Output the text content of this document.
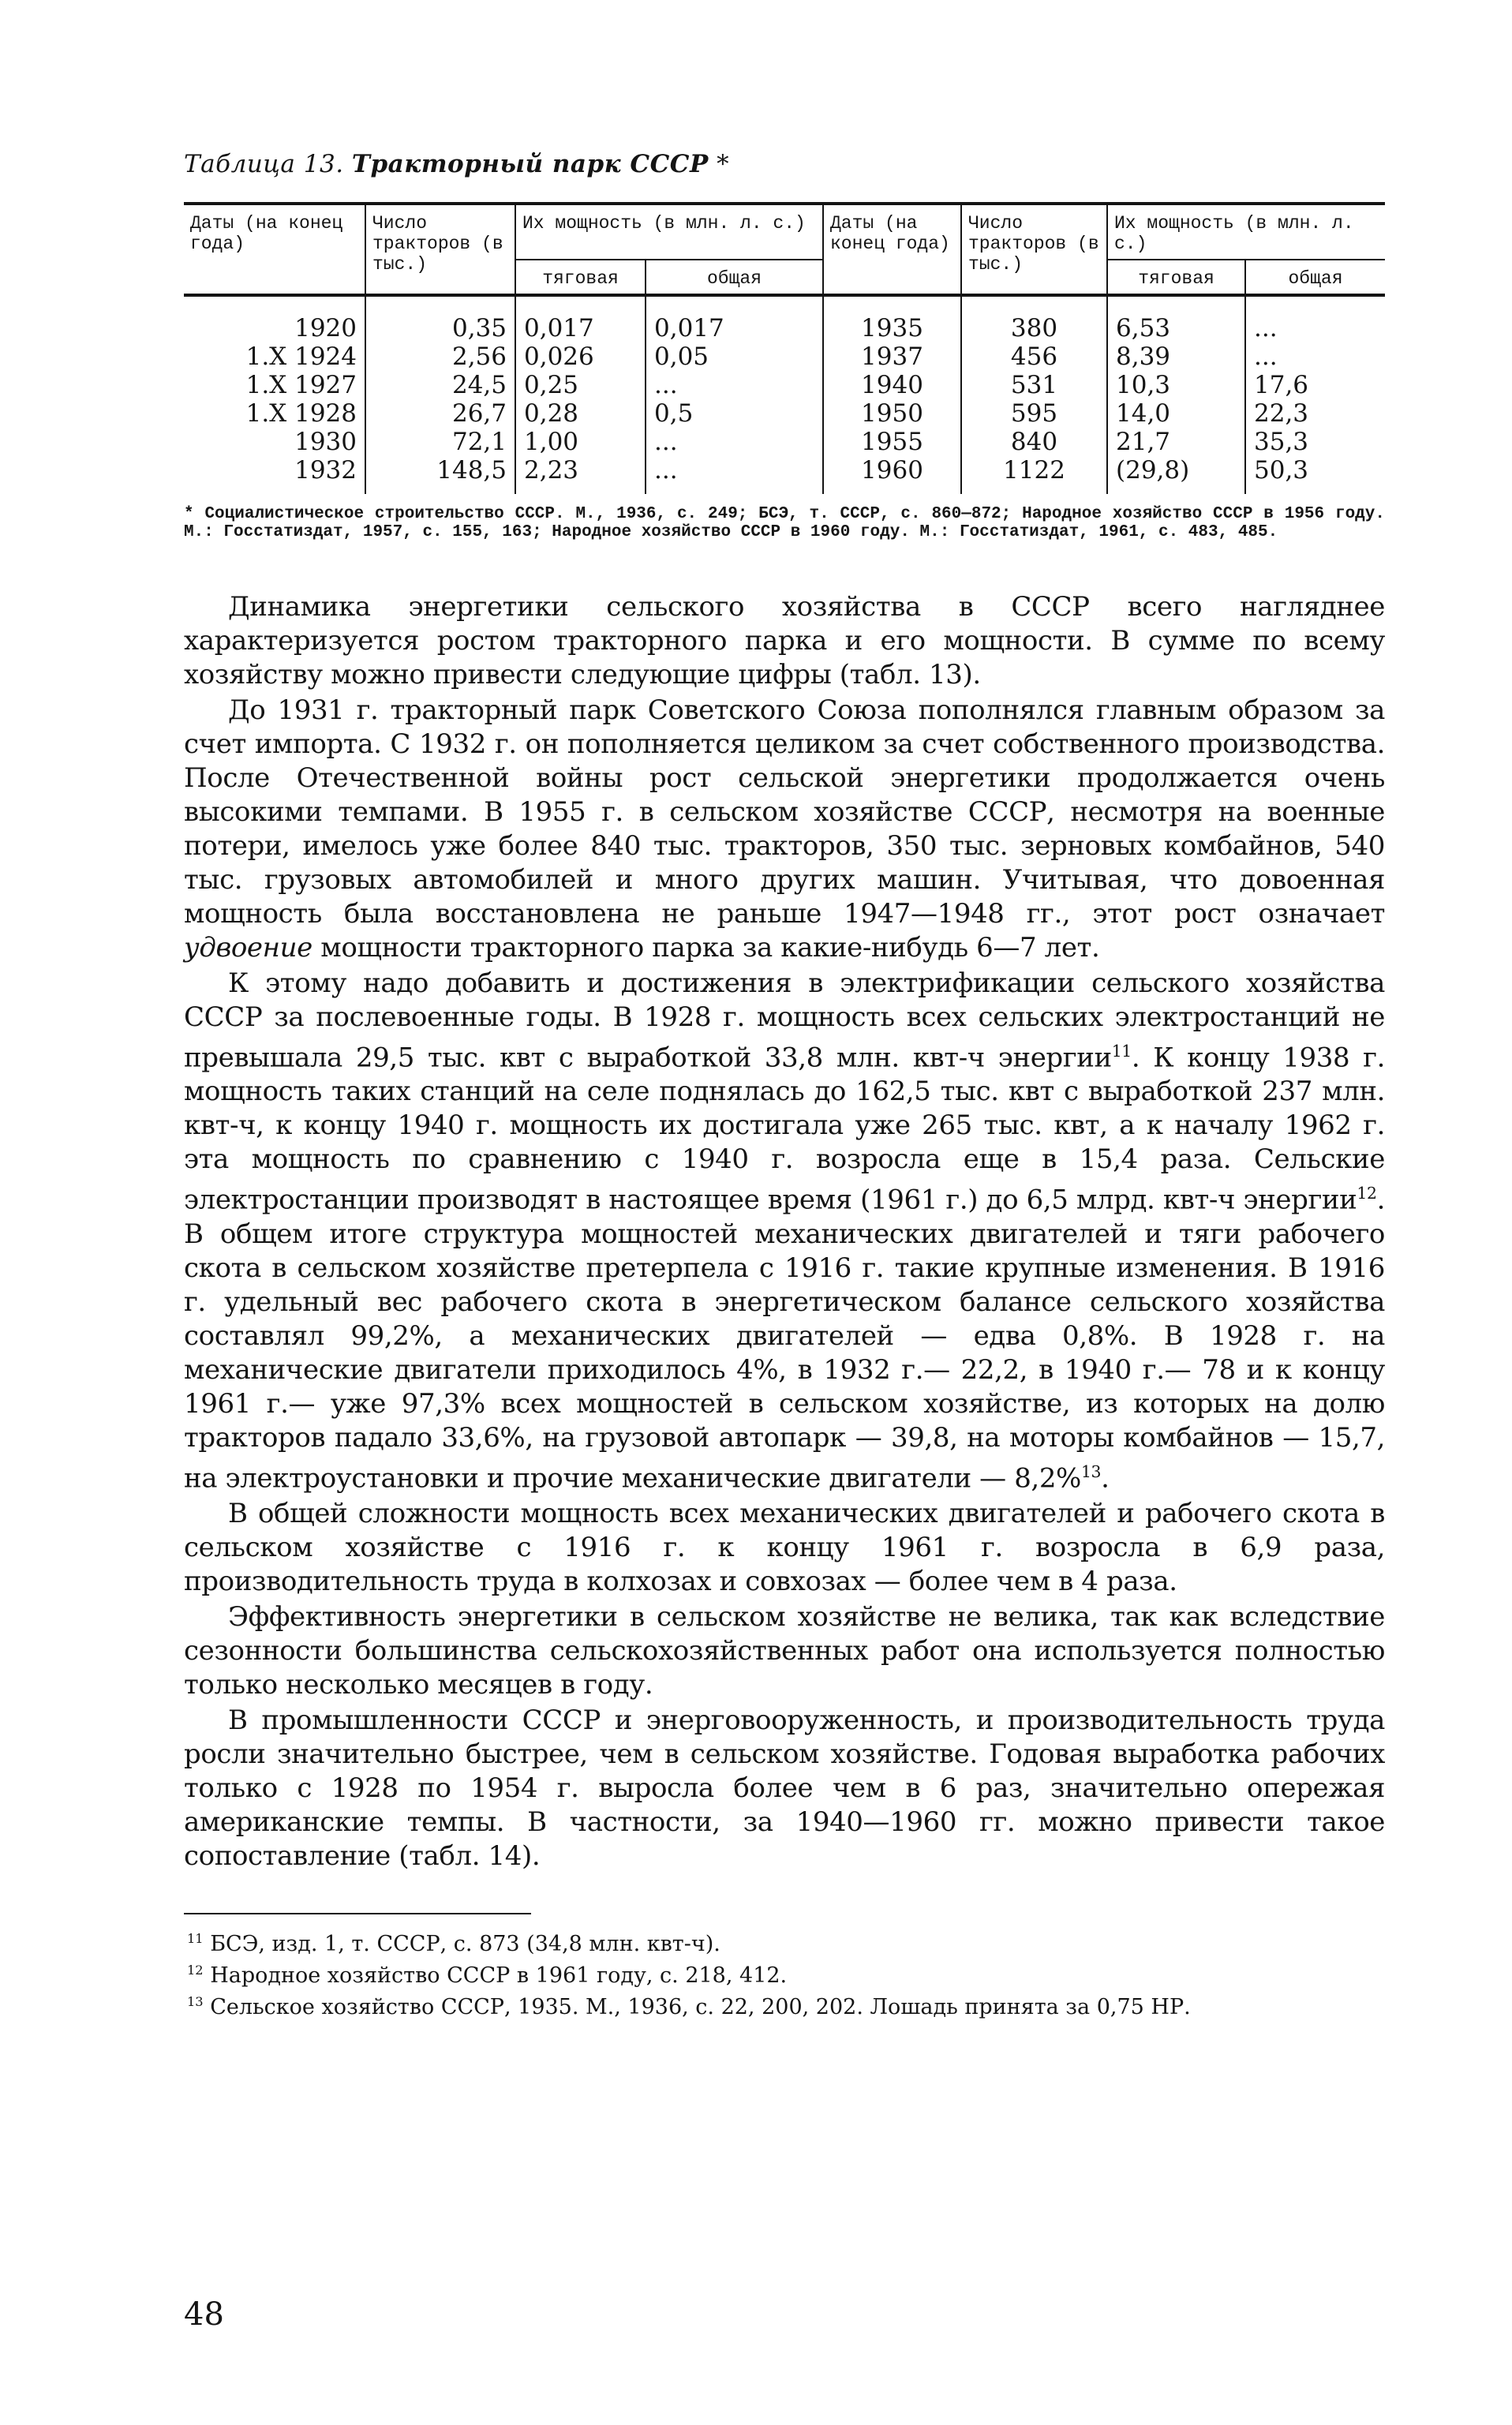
Таблица 13. Тракторный парк СССР *
Даты (на конец года)	Число тракторов (в тыс.)	Их мощность (в млн. л. с.)		Даты (на конец года)	Число тракторов (в тыс.)	Их мощность (в млн. л. с.)	
		тяговая	общая			тяговая	общая
1920	0,35	0,017	0,017	1935	380	6,53	...
1.X 1924	2,56	0,026	0,05	1937	456	8,39	...
1.X 1927	24,5	0,25	...	1940	531	10,3	17,6
1.X 1928	26,7	0,28	0,5	1950	595	14,0	22,3
1930	72,1	1,00	...	1955	840	21,7	35,3
1932	148,5	2,23	...	1960	1122	(29,8)	50,3

* Социалистическое строительство СССР. М., 1936, с. 249; БСЭ, т. СССР, с. 860—872; Народное хозяйство СССР в 1956 году. М.: Госстатиздат, 1957, с. 155, 163; Народное хозяйство СССР в 1960 году. М.: Госстатиздат, 1961, с. 483, 485.

Динамика энергетики сельского хозяйства в СССР всего нагляднее характеризуется ростом тракторного парка и его мощности. В сумме по всему хозяйству можно привести следующие цифры (табл. 13).

До 1931 г. тракторный парк Советского Союза пополнялся главным образом за счет импорта. С 1932 г. он пополняется целиком за счет собственного производства. После Отечественной войны рост сельской энергетики продолжается очень высокими темпами. В 1955 г. в сельском хозяйстве СССР, несмотря на военные потери, имелось уже более 840 тыс. тракторов, 350 тыс. зерновых комбайнов, 540 тыс. грузовых автомобилей и много других машин. Учитывая, что довоенная мощность была восстановлена не раньше 1947—1948 гг., этот рост означает удвоение мощности тракторного парка за какие-нибудь 6—7 лет.

К этому надо добавить и достижения в электрификации сельского хозяйства СССР за послевоенные годы. В 1928 г. мощность всех сельских электростанций не превышала 29,5 тыс. квт с выработкой 33,8 млн. квт-ч энергии$^{11}$. К концу 1938 г. мощность таких станций на селе поднялась до 162,5 тыс. квт с выработкой 237 млн. квт-ч, к концу 1940 г. мощность их достигала уже 265 тыс. квт, а к началу 1962 г. эта мощность по сравнению с 1940 г. возросла еще в 15,4 раза. Сельские электростанции производят в настоящее время (1961 г.) до 6,5 млрд. квт-ч энергии$^{12}$. В общем итоге структура мощностей механических двигателей и тяги рабочего скота в сельском хозяйстве претерпела с 1916 г. такие крупные изменения. В 1916 г. удельный вес рабочего скота в энергетическом балансе сельского хозяйства составлял 99,2%, а механических двигателей — едва 0,8%. В 1928 г. на механические двигатели приходилось 4%, в 1932 г.— 22,2, в 1940 г.— 78 и к концу 1961 г.— уже 97,3% всех мощностей в сельском хозяйстве, из которых на долю тракторов падало 33,6%, на грузовой автопарк — 39,8, на моторы комбайнов — 15,7, на электроустановки и прочие механические двигатели — 8,2%$^{13}$.

В общей сложности мощность всех механических двигателей и рабочего скота в сельском хозяйстве с 1916 г. к концу 1961 г. возросла в 6,9 раза, производительность труда в колхозах и совхозах — более чем в 4 раза.

Эффективность энергетики в сельском хозяйстве не велика, так как вследствие сезонности большинства сельскохозяйственных работ она используется полностью только несколько месяцев в году.

В промышленности СССР и энерговооруженность, и производительность труда росли значительно быстрее, чем в сельском хозяйстве. Годовая выработка рабочих только с 1928 по 1954 г. выросла более чем в 6 раз, значительно опережая американские темпы. В частности, за 1940—1960 гг. можно привести такое сопоставление (табл. 14).

$^{11}$ БСЭ, изд. 1, т. СССР, с. 873 (34,8 млн. квт-ч).

$^{12}$ Народное хозяйство СССР в 1961 году, с. 218, 412.

$^{13}$ Сельское хозяйство СССР, 1935. М., 1936, с. 22, 200, 202. Лошадь принята за 0,75 НР.

48
